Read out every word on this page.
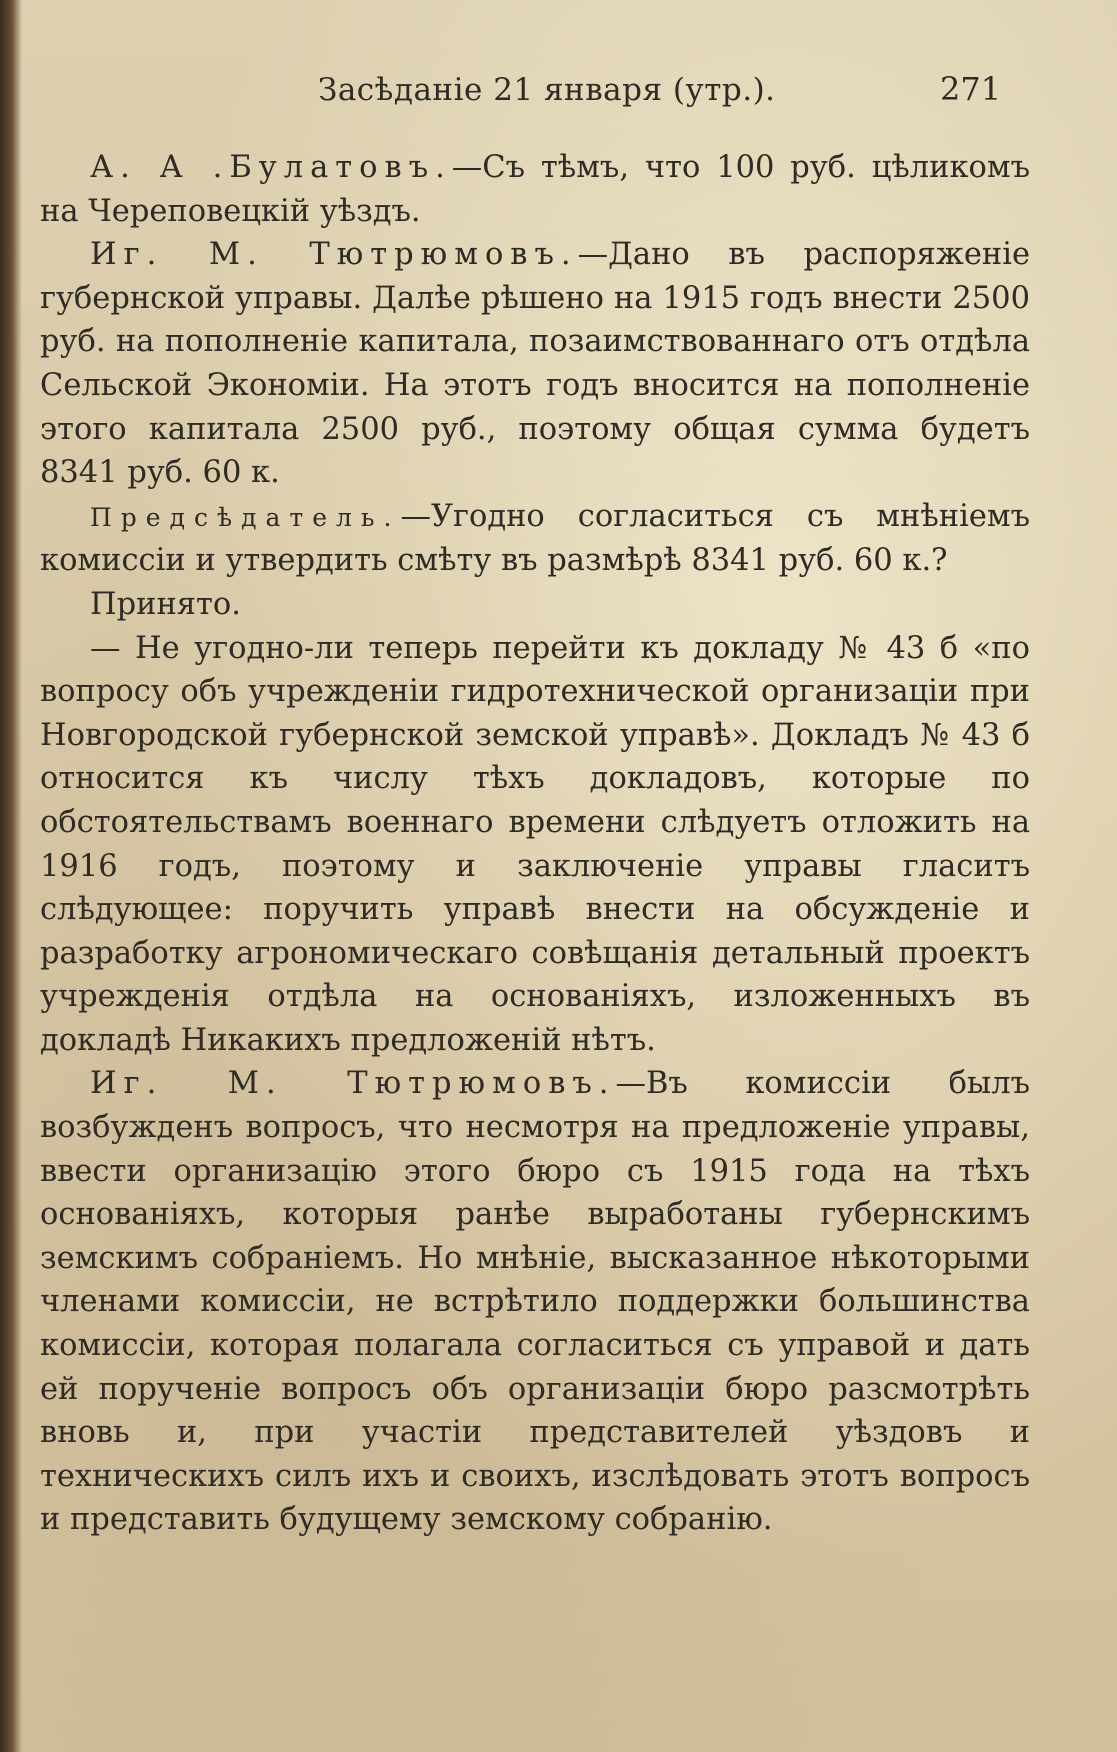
Засѣданіе 21 января (утр.).	271

А. А .Булатовъ.—Съ тѣмъ, что 100 руб. цѣликомъ на Череповецкій уѣздъ.

Иг. М. Тютрюмовъ.—Дано въ распоряженіе губернской управы. Далѣе рѣшено на 1915 годъ внести 2500 руб. на пополненіе капитала, позаимствованнаго отъ отдѣла Сельской Экономіи. На этотъ годъ вносится на пополненіе этого капитала 2500 руб., поэтому общая сумма будетъ 8341 руб. 60 к.

Предсѣдатель.—Угодно согласиться съ мнѣніемъ комиссіи и утвердить смѣту въ размѣрѣ 8341 руб. 60 к.?

Принято.

— Не угодно-ли теперь перейти къ докладу № 43 б «по вопросу объ учрежденіи гидротехнической организаціи при Новгородской губернской земской управѣ». Докладъ № 43 б относится къ числу тѣхъ докладовъ, которые по обстоятельствамъ военнаго времени слѣдуетъ отложить на 1916 годъ, поэтому и заключеніе управы гласитъ слѣдующее: поручить управѣ внести на обсужденіе и разработку агрономическаго совѣщанія детальный проектъ учрежденія отдѣла на основаніяхъ, изложенныхъ въ докладѣ Никакихъ предложеній нѣтъ.

Иг. М. Тютрюмовъ.—Въ комиссіи былъ возбужденъ вопросъ, что несмотря на предложеніе управы, ввести организацію этого бюро съ 1915 года на тѣхъ основаніяхъ, которыя ранѣе выработаны губернскимъ земскимъ собраніемъ. Но мнѣніе, высказанное нѣкоторыми членами комиссіи, не встрѣтило поддержки большинства комиссіи, которая полагала согласиться съ управой и дать ей порученіе вопросъ объ организаціи бюро разсмотрѣть вновь и, при участіи представителей уѣздовъ и техническихъ силъ ихъ и своихъ, изслѣдовать этотъ вопросъ и представить будущему земскому собранію.
